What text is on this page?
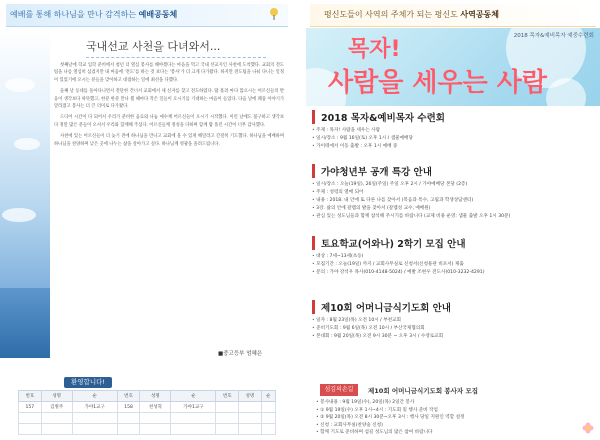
예배를 통해 하나님을 만나 감격하는 예배공동체
국내선교 사천을 다녀와서...

첫째날에 학교 입학 준비에서 청년 더 열심 봉사를 해야겠다는 마음을 먹고 국내 선교지인 사천에 도착했다. 교회의 전도팀을 나름 열심히 섬겼지만 내 마음에 '전도'를 하는 것 보다는 '봉사'가 더 크게 다가왔다. 하지만 전도팀을 나눠 다니는 일정이 있었기에 오시는 분들을 맞이하고 대접하는 일에 최선을 다했다.

둘째 날 동네를 돌아다니면서 전단한 건너서 교회에서 새 신자를 찾고 전도하였다. 땀 흘려 마다 않으시는 어르신들의 반응이 생각보다 따뜻했고, 한분 한분 만나 뵐 때마다 작은 일들이 오시기를 기대하는 마음이 들었다. 다음 날에 폐품 이야기가 달라졌고 봉사는 더 큰 의미로 다가왔다.

드디어 시간이 다 되어서 우리가 준비한 음료와 나눔 예수께 어르신들이 오시기 시작했다. 이런 날에도 불구하고 생각보다 정말 많은 분들이 오셔서 우리와 함께해 주셨다. 어르신들께 정성을 다하며 함께 땀 흘린 시간이 너무 감사했다.

사천에 있는 어르신들이 더 늦기 전에 하나님을 만나고 교회에 올 수 있게 해달라고 간절히 기도했다. 하나님을 예배하며 하나님을 찬양하며 낮은 곳에 나누는 삶을 살아가고 싶다. 하나님께 영광을 올려드립니다.

■중고등부 엄혜은
환영합니다!
번호	성명	순	번호	성명	순	번호	성명	순
157	김병주	가야1교구	158	천성혁	가야1교구			

평신도들이 사역의 주체가 되는 평신도 사역공동체
2018 목자&예비목자 예중수련회
목자!
사람을 세우는 사람
2018 목자&예비목자 수련회
• 주제 : 목자! 사람을 세우는 사람
• 일시/장소 : 9월 16일(토) 오후 1시 / 샘물예배당
• 가이테에서 이동 출발 : 오후 1시 예배 중
가야청년부 공개 특강 안내
• 일시/장소 : 오늘(19일), 26일(주일) 주일 오후 2시 / 가야예배당 본당 (2층)
• 주제 : 성령의 열매 되어
• 내용 : 2018. 내 안에 또 다른 나를 찾아서 (복음과 특수, 고립과 학생상담센터)
• 3강. 삶의 안에 갈렙의 발을 찾아서 (갈렙성 교수, 예배원)
• 관심 있는 성도님들과 함께 참석해 주시기를 바랍니다 (교제 비용 운영: 샘물 출발 오후 1시 30분)
토요학교(어와나) 2학기 모집 안내
• 대상 : 7세~13세(초등)
• 모집기간 : 오늘(19일) 까지 / 교회사무실로 신청서(신청용관 비포서) 제출
• 문의 : 가야 강석우 목사(010-4148-5024) / 예발 조현우 전도사(010-3232-4291)
제10회 어머니금식기도회 안내
• 일자 : 8월 23일(목) 오전 10시 / 부천교회
• 준비기도회 : 9월 6일(목) 오전 10시 / 부산국제협의회
• 본대회 : 9월 20일(목) 오전 9시 30분 ~ 오후 3시 / 수영로교회
섬김의손길	제10회 어머니금식기도회 봉사자 모집
• 봉사내용 : 9월 19일(수), 20일(목) 2일간 봉사
• ① 9월 19일(수) 오후 1시~4시 : 기도회 및 행사 준비 작업
• ② 9월 20일(목) 오전 8시 30분~오후 3시 : 행사 당일 지원인 역할 설정
• 신청 : 교회사무실(찬양숲 신청)
• 함께 기도로 준비하며 섬길 성도님의 많은 참여 바랍니다
